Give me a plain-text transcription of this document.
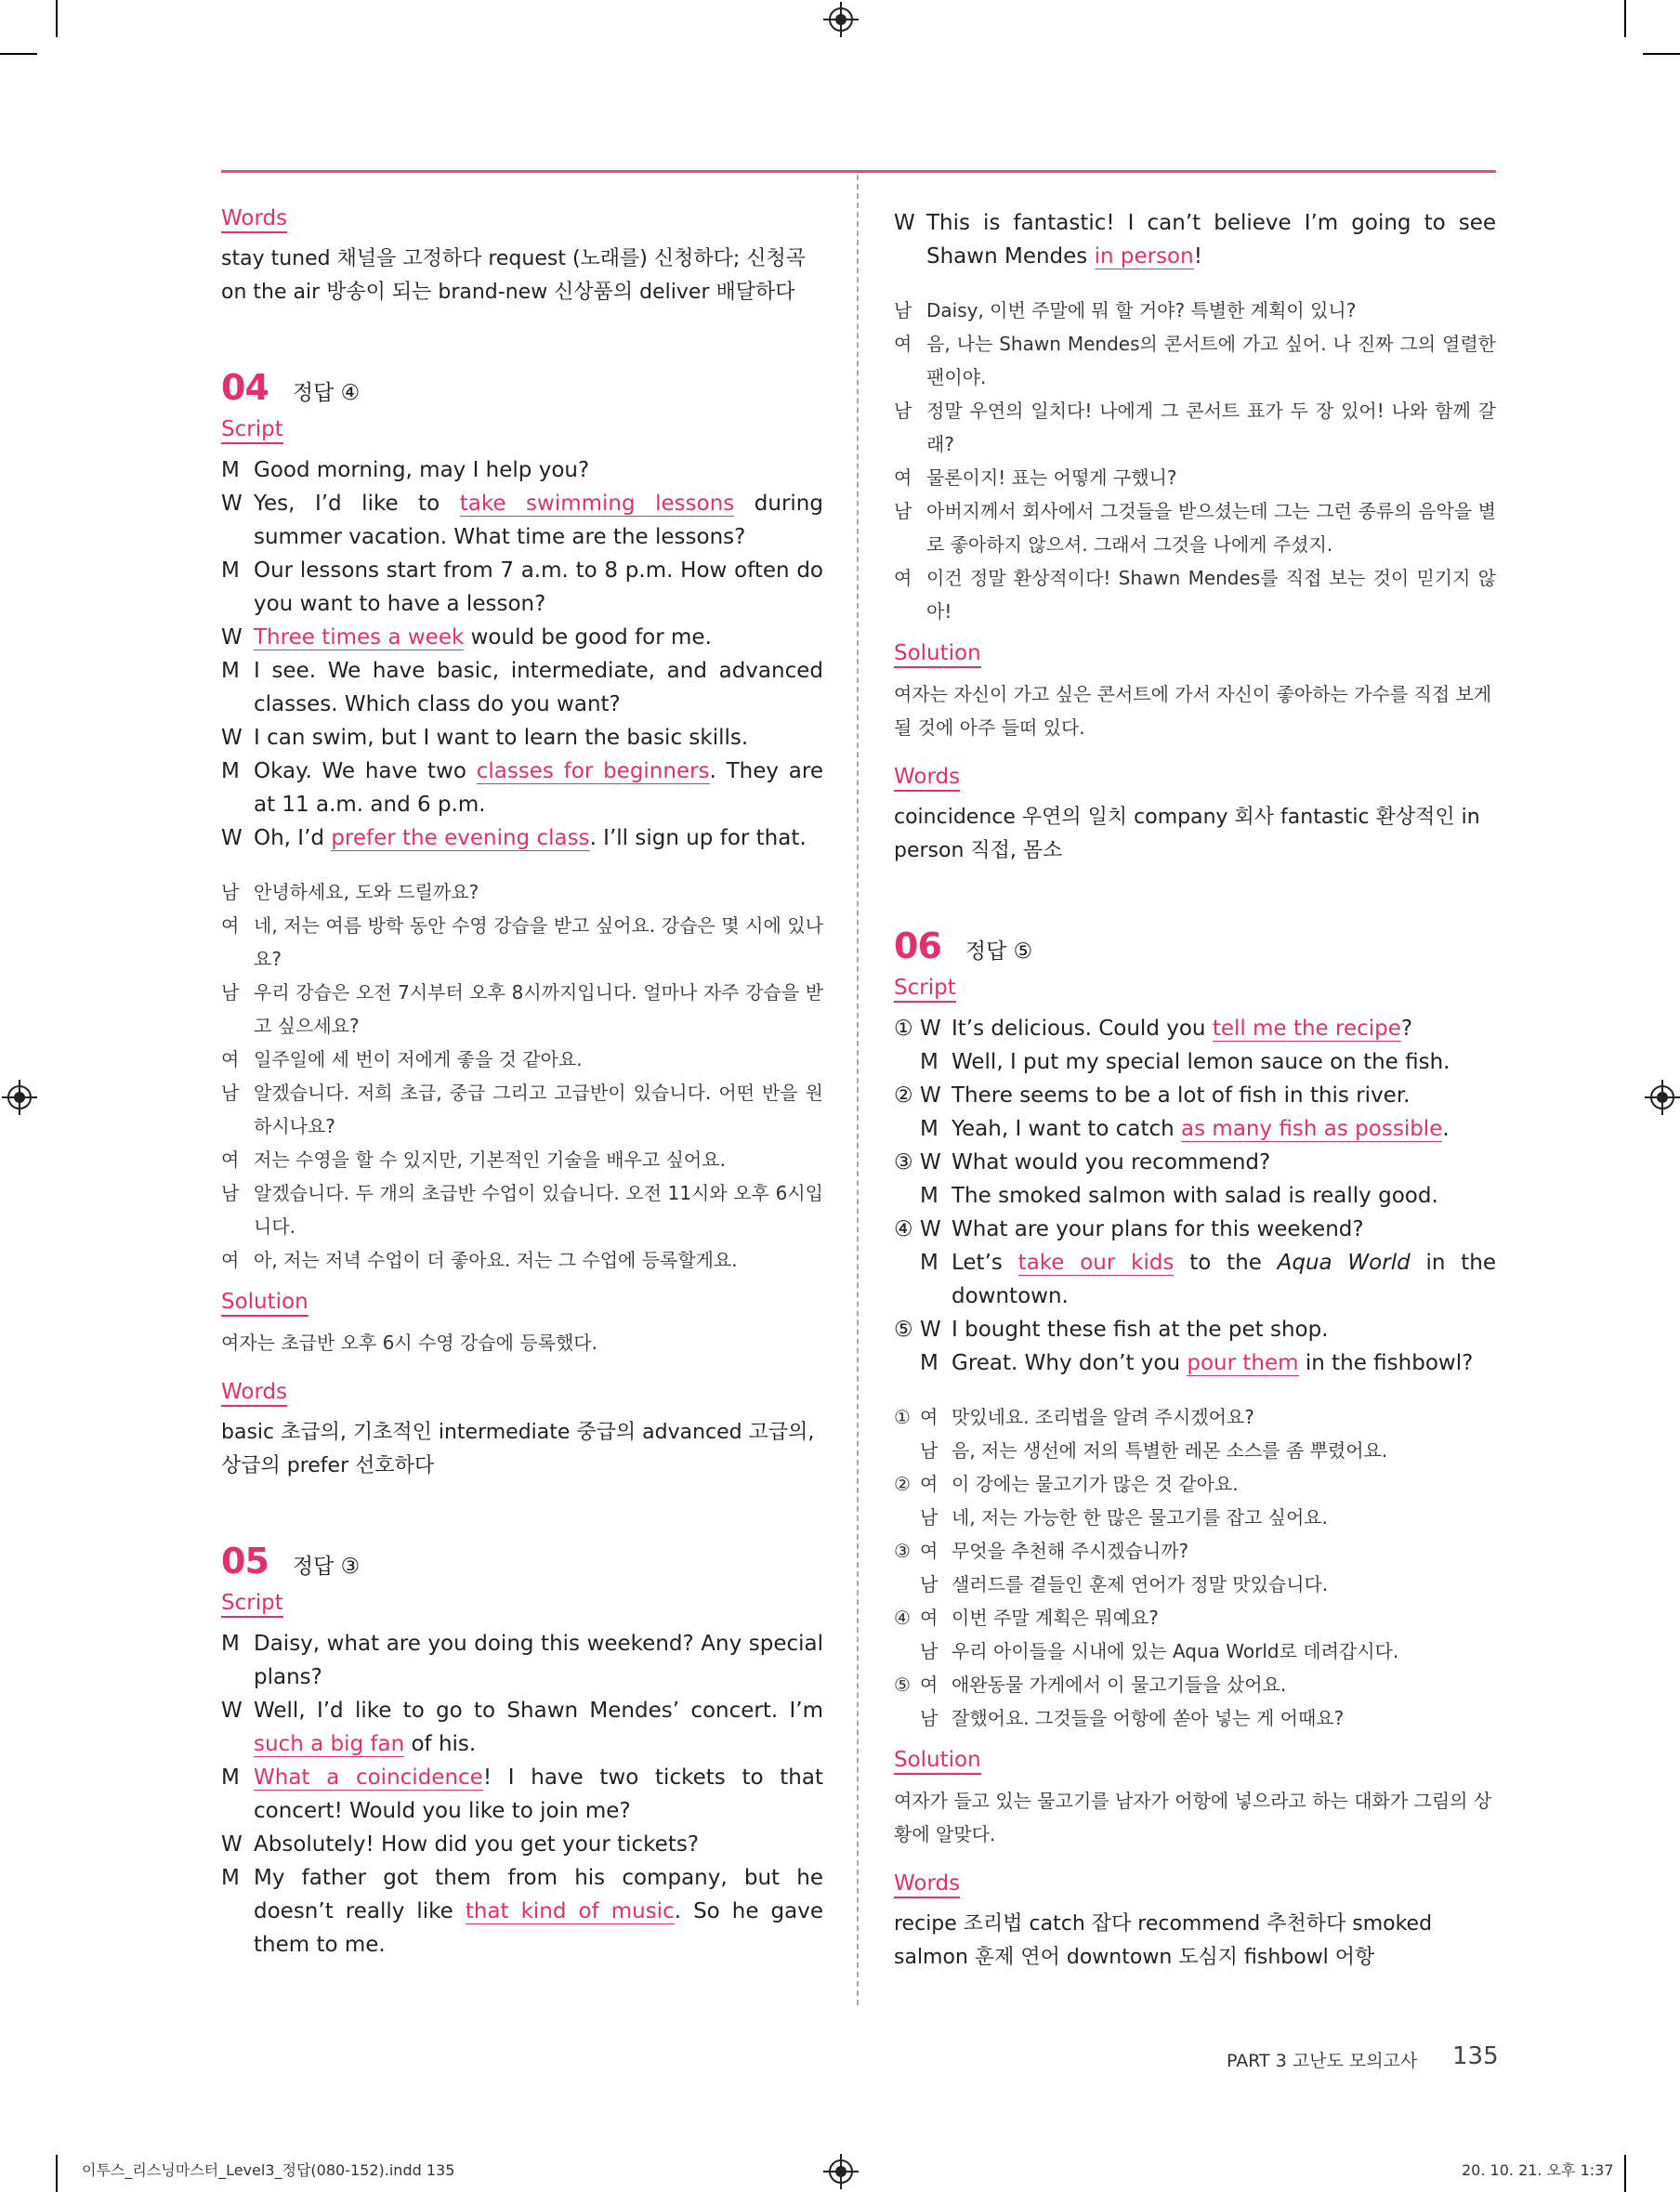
Words
stay tuned 채널을 고정하다 request (노래를) 신청하다; 신청곡 on the air 방송이 되는 brand-new 신상품의 deliver 배달하다
04 정답 ④
Script
M Good morning, may I help you?
W Yes, I’d like to take swimming lessons during summer vacation. What time are the lessons?
M Our lessons start from 7 a.m. to 8 p.m. How often do you want to have a lesson?
W Three times a week would be good for me.
M I see. We have basic, intermediate, and advanced classes. Which class do you want?
W I can swim, but I want to learn the basic skills.
M Okay. We have two classes for beginners. They are at 11 a.m. and 6 p.m.
W Oh, I’d prefer the evening class. I’ll sign up for that.
남 안녕하세요, 도와 드릴까요?
여 네, 저는 여름 방학 동안 수영 강습을 받고 싶어요. 강습은 몇 시에 있나요?
남 우리 강습은 오전 7시부터 오후 8시까지입니다. 얼마나 자주 강습을 받고 싶으세요?
여 일주일에 세 번이 저에게 좋을 것 같아요.
남 알겠습니다. 저희 초급, 중급 그리고 고급반이 있습니다. 어떤 반을 원하시나요?
여 저는 수영을 할 수 있지만, 기본적인 기술을 배우고 싶어요.
남 알겠습니다. 두 개의 초급반 수업이 있습니다. 오전 11시와 오후 6시입니다.
여 아, 저는 저녁 수업이 더 좋아요. 저는 그 수업에 등록할게요.
Solution
여자는 초급반 오후 6시 수영 강습에 등록했다.
Words
basic 초급의, 기초적인 intermediate 중급의 advanced 고급의, 상급의 prefer 선호하다
05 정답 ③
Script
M Daisy, what are you doing this weekend? Any special plans?
W Well, I’d like to go to Shawn Mendes’ concert. I’m such a big fan of his.
M What a coincidence! I have two tickets to that concert! Would you like to join me?
W Absolutely! How did you get your tickets?
M My father got them from his company, but he doesn’t really like that kind of music. So he gave them to me.
W This is fantastic! I can’t believe I’m going to see Shawn Mendes in person!
남 Daisy, 이번 주말에 뭐 할 거야? 특별한 계획이 있니?
여 음, 나는 Shawn Mendes의 콘서트에 가고 싶어. 나 진짜 그의 열렬한 팬이야.
남 정말 우연의 일치다! 나에게 그 콘서트 표가 두 장 있어! 나와 함께 갈래?
여 물론이지! 표는 어떻게 구했니?
남 아버지께서 회사에서 그것들을 받으셨는데 그는 그런 종류의 음악을 별로 좋아하지 않으셔. 그래서 그것을 나에게 주셨지.
여 이건 정말 환상적이다! Shawn Mendes를 직접 보는 것이 믿기지 않아!
Solution
여자는 자신이 가고 싶은 콘서트에 가서 자신이 좋아하는 가수를 직접 보게 될 것에 아주 들떠 있다.
Words
coincidence 우연의 일치 company 회사 fantastic 환상적인 in person 직접, 몸소
06 정답 ⑤
Script
① W It’s delicious. Could you tell me the recipe?
M Well, I put my special lemon sauce on the fish.
② W There seems to be a lot of fish in this river.
M Yeah, I want to catch as many fish as possible.
③ W What would you recommend?
M The smoked salmon with salad is really good.
④ W What are your plans for this weekend?
M Let’s take our kids to the Aqua World in the downtown.
⑤ W I bought these fish at the pet shop.
M Great. Why don’t you pour them in the fishbowl?
① 여 맛있네요. 조리법을 알려 주시겠어요?
남 음, 저는 생선에 저의 특별한 레몬 소스를 좀 뿌렸어요.
② 여 이 강에는 물고기가 많은 것 같아요.
남 네, 저는 가능한 한 많은 물고기를 잡고 싶어요.
③ 여 무엇을 추천해 주시겠습니까?
남 샐러드를 곁들인 훈제 연어가 정말 맛있습니다.
④ 여 이번 주말 계획은 뭐예요?
남 우리 아이들을 시내에 있는 Aqua World로 데려갑시다.
⑤ 여 애완동물 가게에서 이 물고기들을 샀어요.
남 잘했어요. 그것들을 어항에 쏟아 넣는 게 어때요?
Solution
여자가 들고 있는 물고기를 남자가 어항에 넣으라고 하는 대화가 그림의 상황에 알맞다.
Words
recipe 조리법 catch 잡다 recommend 추천하다 smoked salmon 훈제 연어 downtown 도심지 fishbowl 어항
PART 3 고난도 모의고사 135
이투스_리스닝마스터_Level3_정답(080-152).indd 135	20. 10. 21. 오후 1:37
